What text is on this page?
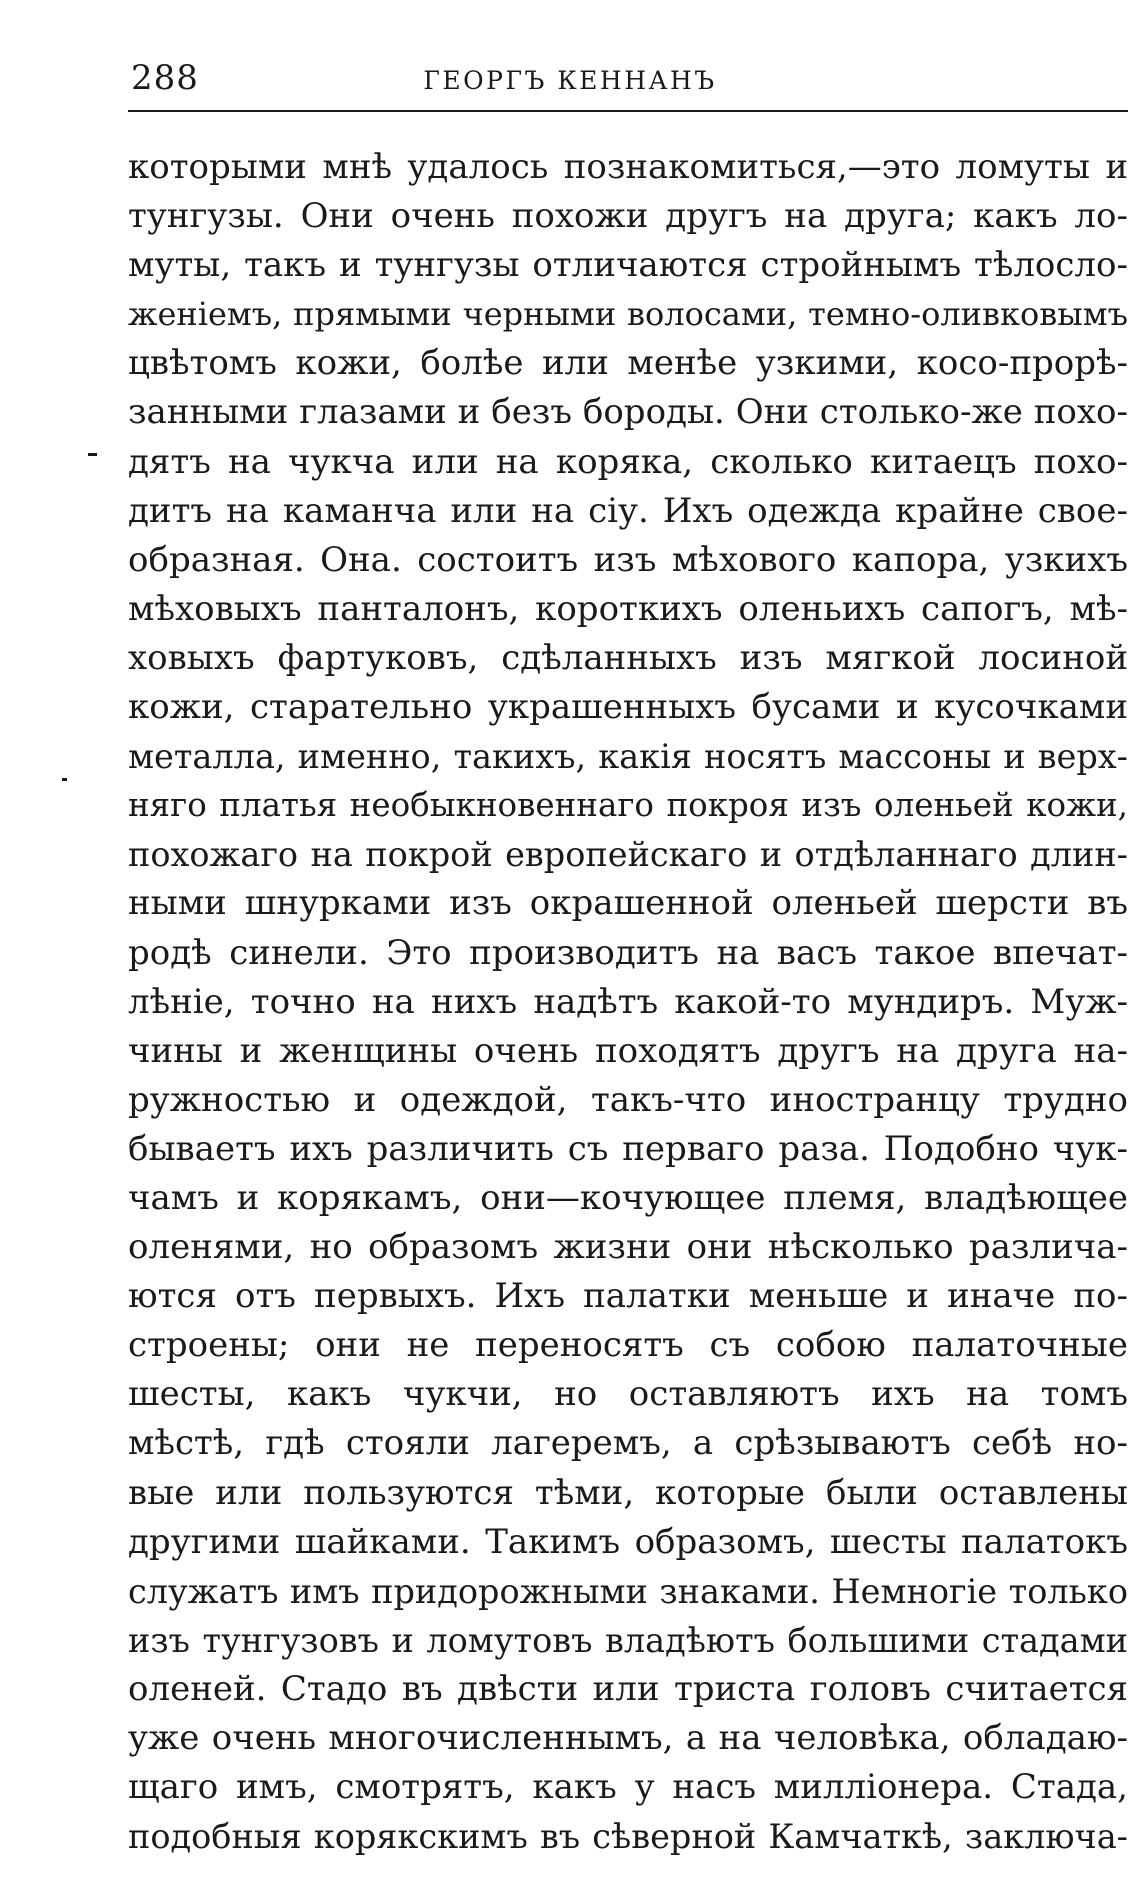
288	ГЕОРГЪ КЕННАНЪ
которыми мнѣ удалось познакомиться,—это ломуты и
тунгузы. Они очень похожи другъ на друга; какъ ло-
муты, такъ и тунгузы отличаются стройнымъ тѣлосло-
женіемъ, прямыми черными волосами, темно-оливковымъ
цвѣтомъ кожи, болѣе или менѣе узкими, косо-прорѣ-
занными глазами и безъ бороды. Они столько-же похо-
дятъ на чукча или на коряка, сколько китаецъ похо-
дитъ на каманча или на сіу. Ихъ одежда крайне свое-
образная. Она. состоитъ изъ мѣхового капора, узкихъ
мѣховыхъ панталонъ, короткихъ оленьихъ сапогъ, мѣ-
ховыхъ фартуковъ, сдѣланныхъ изъ мягкой лосиной
кожи, старательно украшенныхъ бусами и кусочками
металла, именно, такихъ, какія носятъ массоны и верх-
няго платья необыкновеннаго покроя изъ оленьей кожи,
похожаго на покрой европейскаго и отдѣланнаго длин-
ными шнурками изъ окрашенной оленьей шерсти въ
родѣ синели. Это производитъ на васъ такое впечат-
лѣніе, точно на нихъ надѣтъ какой-то мундиръ. Муж-
чины и женщины очень походятъ другъ на друга на-
ружностью и одеждой, такъ-что иностранцу трудно
бываетъ ихъ различить съ перваго раза. Подобно чук-
чамъ и корякамъ, они—кочующее племя, владѣющее
оленями, но образомъ жизни они нѣсколько различа-
ются отъ первыхъ. Ихъ палатки меньше и иначе по-
строены; они не переносятъ съ собою палаточные
шесты, какъ чукчи, но оставляютъ ихъ на томъ
мѣстѣ, гдѣ стояли лагеремъ, а срѣзываютъ себѣ но-
вые или пользуются тѣми, которые были оставлены
другими шайками. Такимъ образомъ, шесты палатокъ
служатъ имъ придорожными знаками. Немногіе только
изъ тунгузовъ и ломутовъ владѣютъ большими стадами
оленей. Стадо въ двѣсти или триста головъ считается
уже очень многочисленнымъ, а на человѣка, обладаю-
щаго имъ, смотрятъ, какъ у насъ милліонера. Стада,
подобныя корякскимъ въ сѣверной Камчаткѣ, заключа-
